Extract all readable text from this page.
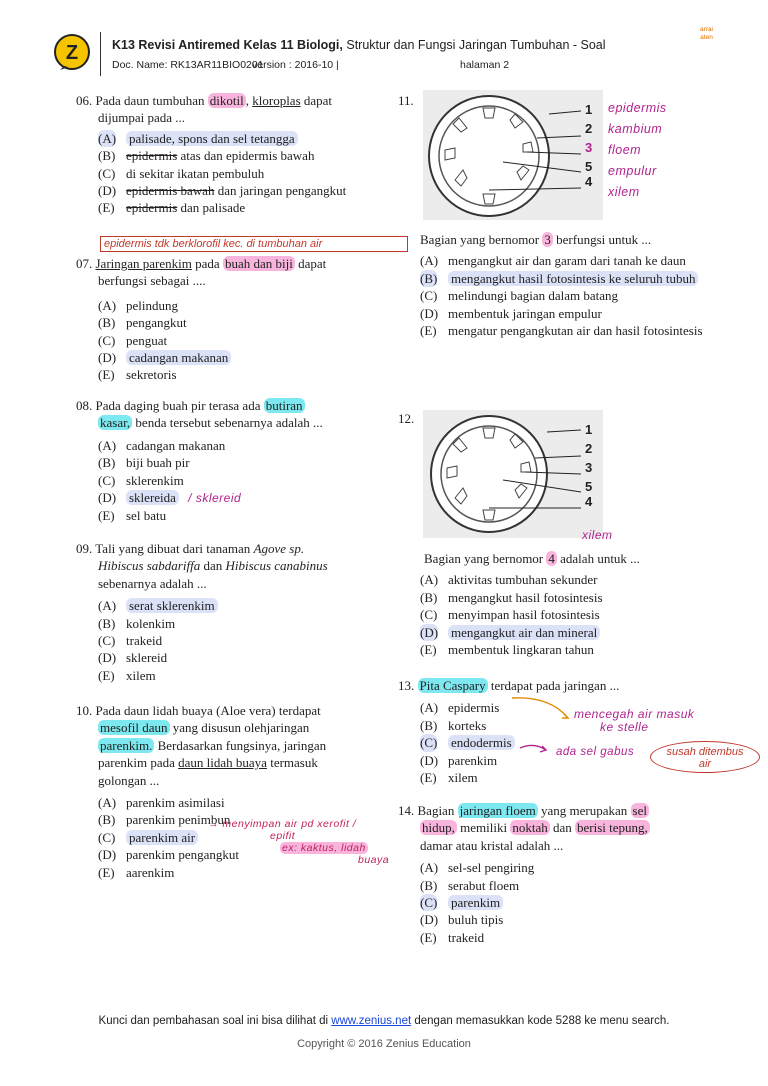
Z	K13 Revisi Antiremed Kelas 11 Biologi, Struktur dan Fungsi Jaringan Tumbuhan - Soal
Doc. Name: RK13AR11BIO0201version : 2016-10 |	halaman 2
arrai
aten
06. Pada daun tumbuhan dikotil , kloroplas dapat
dijumpai pada ...
(A) palisade, spons dan sel tetangga
(B) epidermis atas dan epidermis bawah
(C) di sekitar ikatan pembuluh
(D) epidermis bawah dan jaringan pengangkut
(E) epidermis dan palisade
epidermis tdk berklorofil kec. di tumbuhan air
07. Jaringan parenkim pada buah dan biji dapat
berfungsi sebagai ....
(A) pelindung
(B) pengangkut
(C) penguat
(D) cadangan makanan
(E) sekretoris
08. Pada daging buah pir terasa ada butiran
kasar, benda tersebut sebenarnya adalah ...
(A) cadangan makanan
(B) biji buah pir
(C) sklerenkim
(D) sklereida / sklereid
(E) sel batu
09. Tali yang dibuat dari tanaman Agove sp.
Hibiscus sabdariffa dan Hibiscus canabinus
sebenarnya adalah ...
(A) serat sklerenkim
(B) kolenkim
(C) trakeid
(D) sklereid
(E) xilem
10. Pada daun lidah buaya (Aloe vera) terdapat
mesofil daun yang disusun olehjaringan
parenkim. Berdasarkan fungsinya, jaringan
parenkim pada daun lidah buaya termasuk
golongan ...
(A) parenkim asimilasi
(B) parenkim penimbun
(C) parenkim air
(D) parenkim pengangkut
(E) aarenkim
→ menyimpan air pd xerofit /
epifit
ex: kaktus, lidah
buaya
11.
1
2
3
5
4
epidermis
kambium
floem
empulur
xilem
Bagian yang bernomor 3 berfungsi untuk ...
(A) mengangkut air dan garam dari tanah ke daun
(B) mengangkut hasil fotosintesis ke seluruh tubuh
(C) melindungi bagian dalam batang
(D) membentuk jaringan empulur
(E) mengatur pengangkutan air dan hasil fotosintesis
12.
1
2
3
5
4
xilem
Bagian yang bernomor 4 adalah untuk ...
(A) aktivitas tumbuhan sekunder
(B) mengangkut hasil fotosintesis
(C) menyimpan hasil fotosintesis
(D) mengangkut air dan mineral
(E) membentuk lingkaran tahun
13. Pita Caspary terdapat pada jaringan ...
(A) epidermis
(B) korteks
(C) endodermis
(D) parenkim
(E) xilem
mencegah air masuk
ke stelle
ada sel gabus	susah ditembus
air
14. Bagian jaringan floem yang merupakan sel
hidup, memiliki noktah dan berisi tepung,
damar atau kristal adalah ...
(A) sel-sel pengiring
(B) serabut floem
(C) parenkim
(D) buluh tipis
(E) trakeid
Kunci dan pembahasan soal ini bisa dilihat di www.zenius.net dengan memasukkan kode 5288 ke menu search.
Copyright © 2016 Zenius Education
